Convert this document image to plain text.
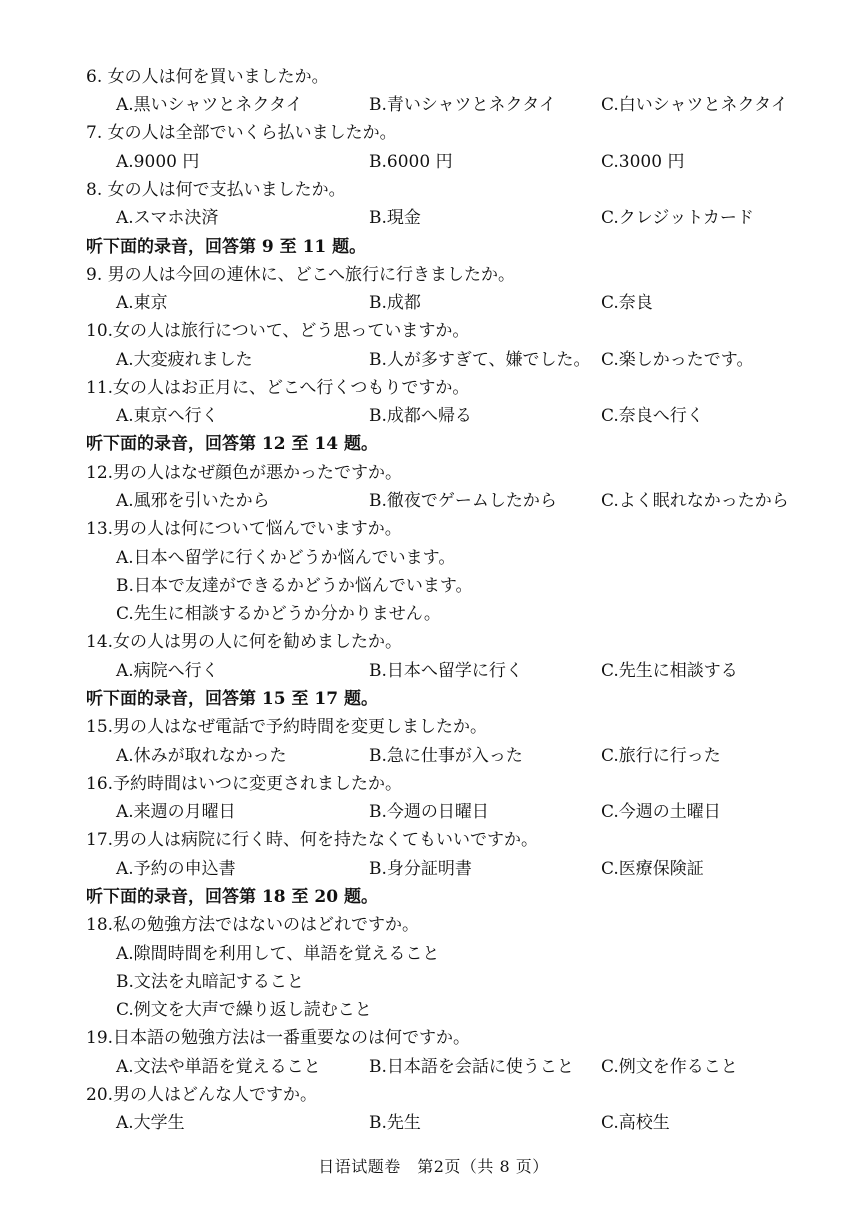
6. 女の人は何を買いましたか。
A.黒いシャツとネクタイ	B.青いシャツとネクタイ	C.白いシャツとネクタイ
7. 女の人は全部でいくら払いましたか。
A.9000 円	B.6000 円	C.3000 円
8. 女の人は何で支払いましたか。
A.スマホ決済	B.現金	C.クレジットカード
听下面的录音，回答第 9 至 11 题。
9. 男の人は今回の連休に、どこへ旅行に行きましたか。
A.東京	B.成都	C.奈良
10.女の人は旅行について、どう思っていますか。
A.大変疲れました	B.人が多すぎて、嫌でした。 C.楽しかったです。
11.女の人はお正月に、どこへ行くつもりですか。
A.東京へ行く	B.成都へ帰る	C.奈良へ行く
听下面的录音，回答第 12 至 14 题。
12.男の人はなぜ顔色が悪かったですか。
A.風邪を引いたから	B.徹夜でゲームしたから	C.よく眠れなかったから
13.男の人は何について悩んでいますか。
A.日本へ留学に行くかどうか悩んでいます。
B.日本で友達ができるかどうか悩んでいます。
C.先生に相談するかどうか分かりません。
14.女の人は男の人に何を勧めましたか。
A.病院へ行く	B.日本へ留学に行く	C.先生に相談する
听下面的录音，回答第 15 至 17 题。
15.男の人はなぜ電話で予約時間を変更しましたか。
A.休みが取れなかった	B.急に仕事が入った	C.旅行に行った
16.予約時間はいつに変更されましたか。
A.来週の月曜日	B.今週の日曜日	C.今週の土曜日
17.男の人は病院に行く時、何を持たなくてもいいですか。
A.予約の申込書	B.身分証明書	C.医療保険証
听下面的录音，回答第 18 至 20 题。
18.私の勉強方法ではないのはどれですか。
A.隙間時間を利用して、単語を覚えること
B.文法を丸暗記すること
C.例文を大声で繰り返し読むこと
19.日本語の勉強方法は一番重要なのは何ですか。
A.文法や単語を覚えること	B.日本語を会話に使うこと C.例文を作ること
20.男の人はどんな人ですか。
A.大学生	B.先生	C.高校生
日语试题卷　第2页（共 8 页）
